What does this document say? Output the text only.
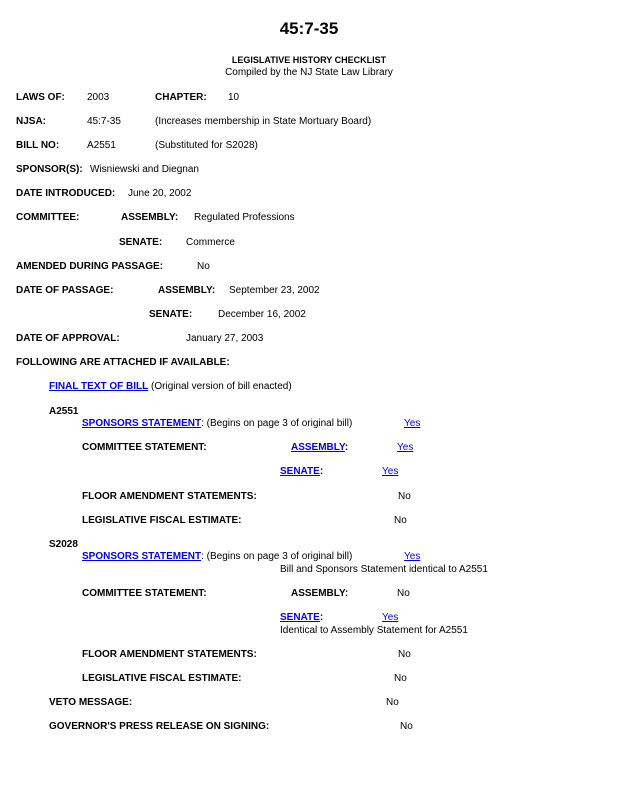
45:7-35
LEGISLATIVE HISTORY CHECKLIST
Compiled by the NJ State Law Library
LAWS OF: 2003	CHAPTER: 10
NJSA:	45:7-35	(Increases membership in State Mortuary Board)
BILL NO:	A2551	(Substituted for S2028)
SPONSOR(S): Wisniewski and Diegnan
DATE INTRODUCED: June 20, 2002
COMMITTEE:	ASSEMBLY: Regulated Professions
SENATE: Commerce
AMENDED DURING PASSAGE:	No
DATE OF PASSAGE:	ASSEMBLY: September 23, 2002
SENATE:	December 16, 2002
DATE OF APPROVAL:	January 27, 2003
FOLLOWING ARE ATTACHED IF AVAILABLE:
FINAL TEXT OF BILL (Original version of bill enacted)
A2551
SPONSORS STATEMENT: (Begins on page 3 of original bill)	Yes
COMMITTEE STATEMENT:	ASSEMBLY:	Yes
SENATE:	Yes
FLOOR AMENDMENT STATEMENTS:	No
LEGISLATIVE FISCAL ESTIMATE:	No
S2028
SPONSORS STATEMENT: (Begins on page 3 of original bill)	Yes
Bill and Sponsors Statement identical to A2551
COMMITTEE STATEMENT:	ASSEMBLY:	No
SENATE:	Yes
Identical to Assembly Statement for A2551
FLOOR AMENDMENT STATEMENTS:	No
LEGISLATIVE FISCAL ESTIMATE:	No
VETO MESSAGE:	No
GOVERNOR'S PRESS RELEASE ON SIGNING:	No
